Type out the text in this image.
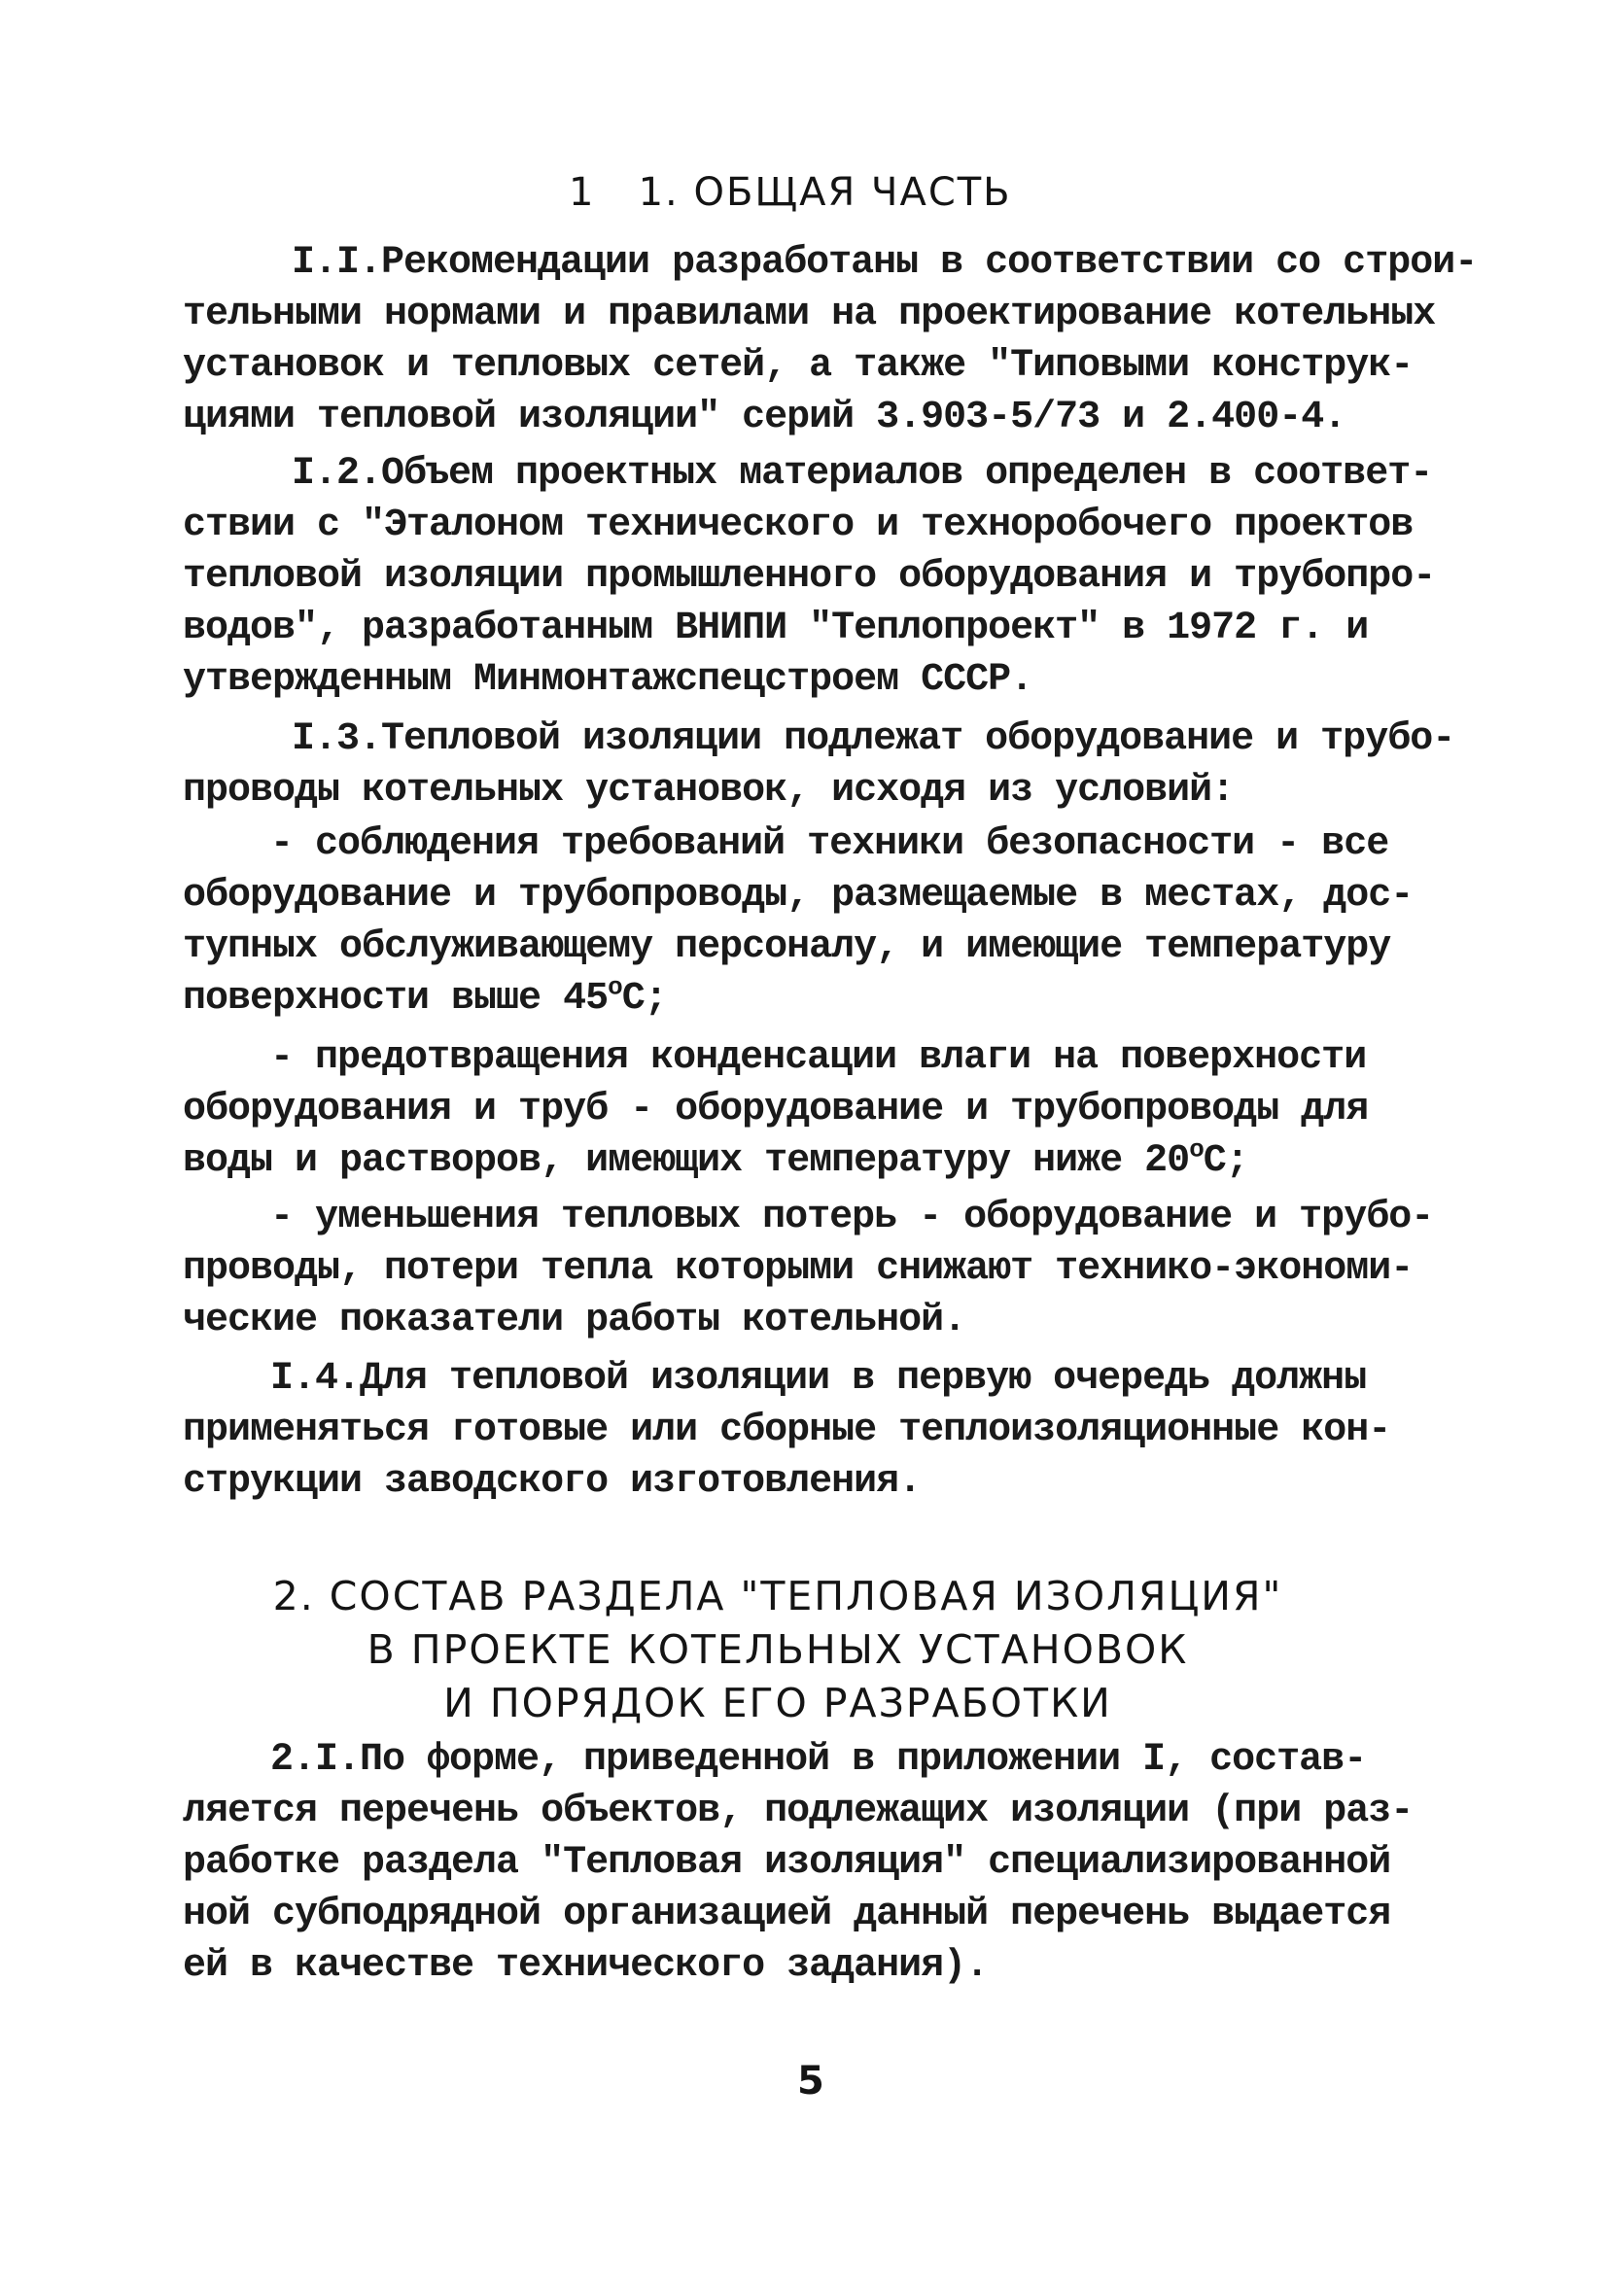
1 1. ОБЩАЯ ЧАСТЬ
I.I.Рекомендации разработаны в соответствии со строи-
тельными нормами и правилами на проектирование котельных
установок и тепловых сетей, а также "Типовыми конструк-
циями тепловой изоляции" серий 3.903-5/73 и 2.400-4.
I.2.Объем проектных материалов определен в соответ-
ствии с "Эталоном технического и техноробочего проектов
тепловой изоляции промышленного оборудования и трубопро-
водов", разработанным ВНИПИ "Теплопроект" в 1972 г. и
утвержденным Минмонтажспецстроем СССР.
I.3.Тепловой изоляции подлежат оборудование и трубо-
проводы котельных установок, исходя из условий:
- соблюдения требований техники безопасности - все
оборудование и трубопроводы, размещаемые в местах, дос-
тупных обслуживающему персоналу, и имеющие температуру
поверхности выше 45$^o$C;
- предотвращения конденсации влаги на поверхности
оборудования и труб - оборудование и трубопроводы для
воды и растворов, имеющих температуру ниже 20$^o$C;
- уменьшения тепловых потерь - оборудование и трубо-
проводы, потери тепла которыми снижают технико-экономи-
ческие показатели работы котельной.
I.4.Для тепловой изоляции в первую очередь должны
применяться готовые или сборные теплоизоляционные кон-
струкции заводского изготовления.
2. СОСТАВ РАЗДЕЛА "ТЕПЛОВАЯ ИЗОЛЯЦИЯ"
В ПРОЕКТЕ КОТЕЛЬНЫХ УСТАНОВОК
И ПОРЯДОК ЕГО РАЗРАБОТКИ
2.I.По форме, приведенной в приложении I, состав-
ляется перечень объектов, подлежащих изоляции (при раз-
работке раздела "Тепловая изоляция" специализированной
ной субподрядной организацией данный перечень выдается
ей в качестве технического задания).
5
